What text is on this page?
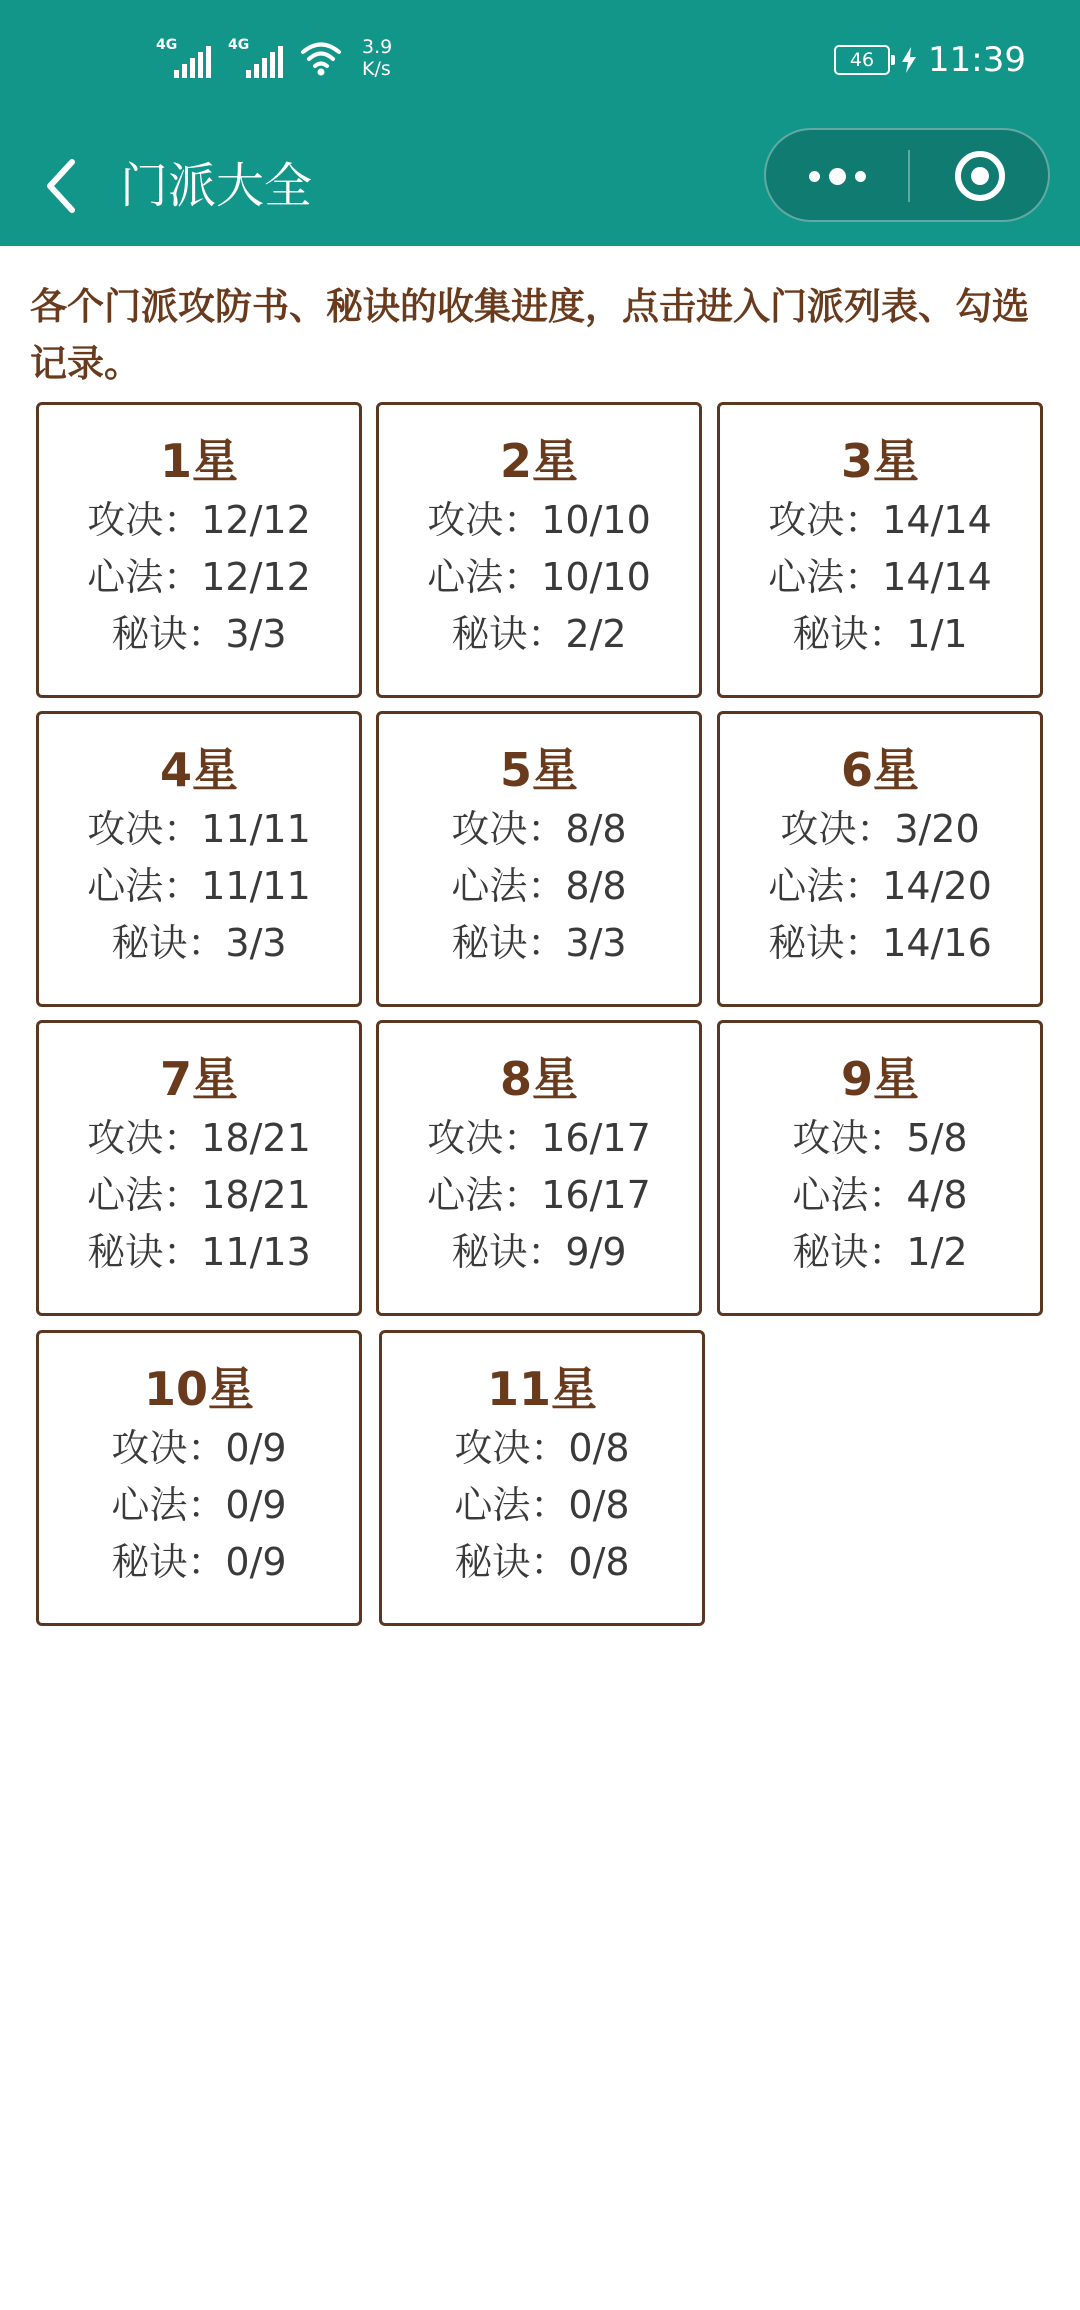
4G	4G	3.9
K/s	46	11:39
门派大全
各个门派攻防书、秘诀的收集进度，点击进入门派列表、勾选记录。
1星
攻决：12/12
心法：12/12
秘诀：3/3
2星
攻决：10/10
心法：10/10
秘诀：2/2
3星
攻决：14/14
心法：14/14
秘诀：1/1
4星
攻决：11/11
心法：11/11
秘诀：3/3
5星
攻决：8/8
心法：8/8
秘诀：3/3
6星
攻决：3/20
心法：14/20
秘诀：14/16
7星
攻决：18/21
心法：18/21
秘诀：11/13
8星
攻决：16/17
心法：16/17
秘诀：9/9
9星
攻决：5/8
心法：4/8
秘诀：1/2
10星
攻决：0/9
心法：0/9
秘诀：0/9
11星
攻决：0/8
心法：0/8
秘诀：0/8
